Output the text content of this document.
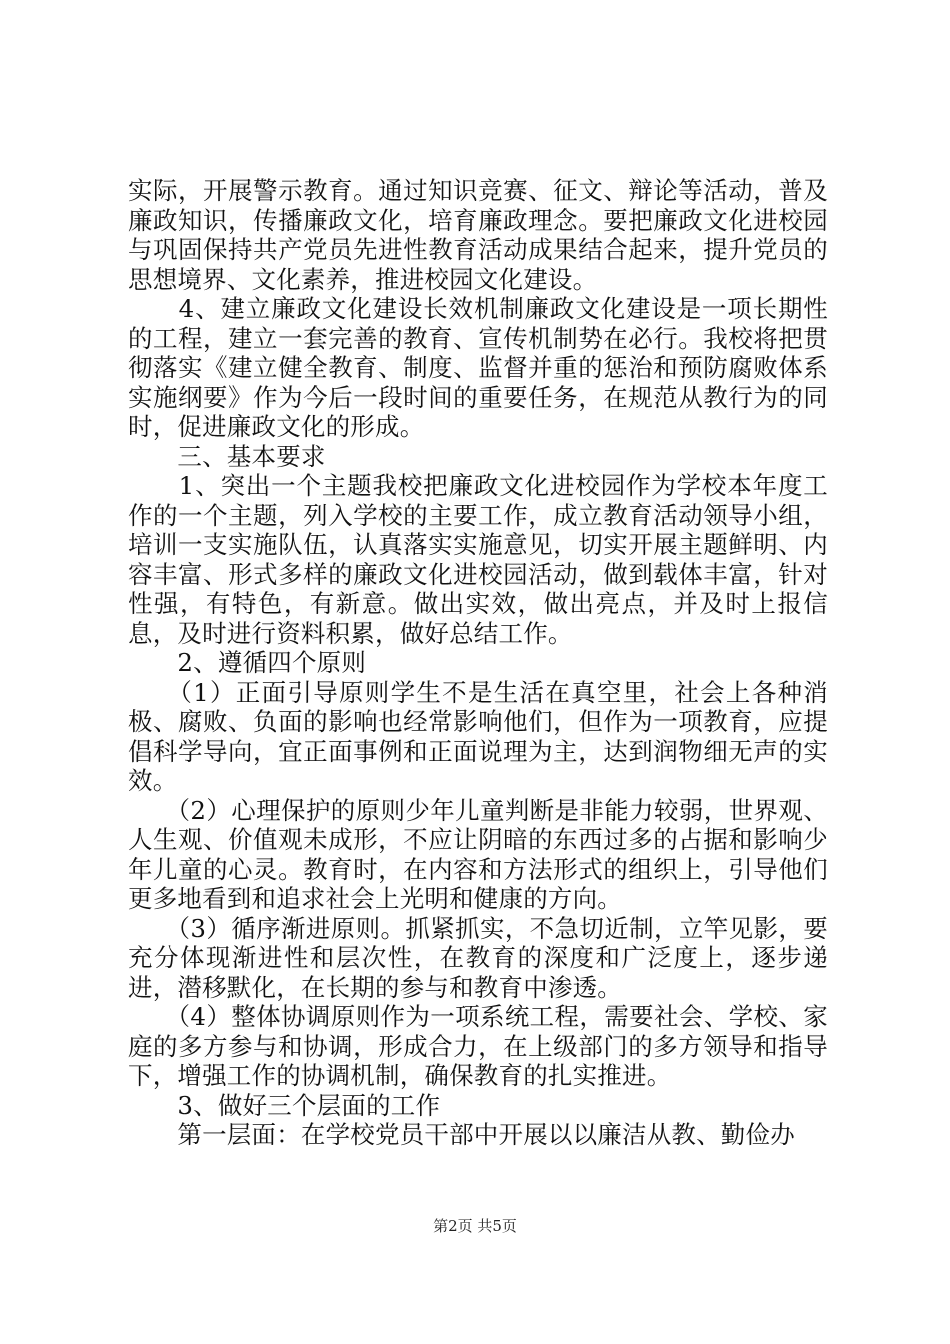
实际，开展警示教育。通过知识竞赛、征文、辩论等活动，普及廉政知识，传播廉政文化，培育廉政理念。要把廉政文化进校园与巩固保持共产党员先进性教育活动成果结合起来，提升党员的思想境界、文化素养，推进校园文化建设。

　　4、建立廉政文化建设长效机制廉政文化建设是一项长期性的工程，建立一套完善的教育、宣传机制势在必行。我校将把贯彻落实《建立健全教育、制度、监督并重的惩治和预防腐败体系实施纲要》作为今后一段时间的重要任务，在规范从教行为的同时，促进廉政文化的形成。

　　三、基本要求

　　1、突出一个主题我校把廉政文化进校园作为学校本年度工作的一个主题，列入学校的主要工作，成立教育活动领导小组，培训一支实施队伍，认真落实实施意见，切实开展主题鲜明、内容丰富、形式多样的廉政文化进校园活动，做到载体丰富，针对性强，有特色，有新意。做出实效，做出亮点，并及时上报信息，及时进行资料积累，做好总结工作。

　　2、遵循四个原则

　　（1）正面引导原则学生不是生活在真空里，社会上各种消极、腐败、负面的影响也经常影响他们，但作为一项教育，应提倡科学导向，宜正面事例和正面说理为主，达到润物细无声的实效。

　　（2）心理保护的原则少年儿童判断是非能力较弱，世界观、人生观、价值观未成形，不应让阴暗的东西过多的占据和影响少年儿童的心灵。教育时，在内容和方法形式的组织上，引导他们更多地看到和追求社会上光明和健康的方向。

　　（3）循序渐进原则。抓紧抓实，不急切近制，立竿见影，要充分体现渐进性和层次性，在教育的深度和广泛度上，逐步递进，潜移默化，在长期的参与和教育中渗透。

　　（4）整体协调原则作为一项系统工程，需要社会、学校、家庭的多方参与和协调，形成合力，在上级部门的多方领导和指导下，增强工作的协调机制，确保教育的扎实推进。

　　3、做好三个层面的工作

　　第一层面：在学校党员干部中开展以以廉洁从教、勤俭办

第2页 共5页
